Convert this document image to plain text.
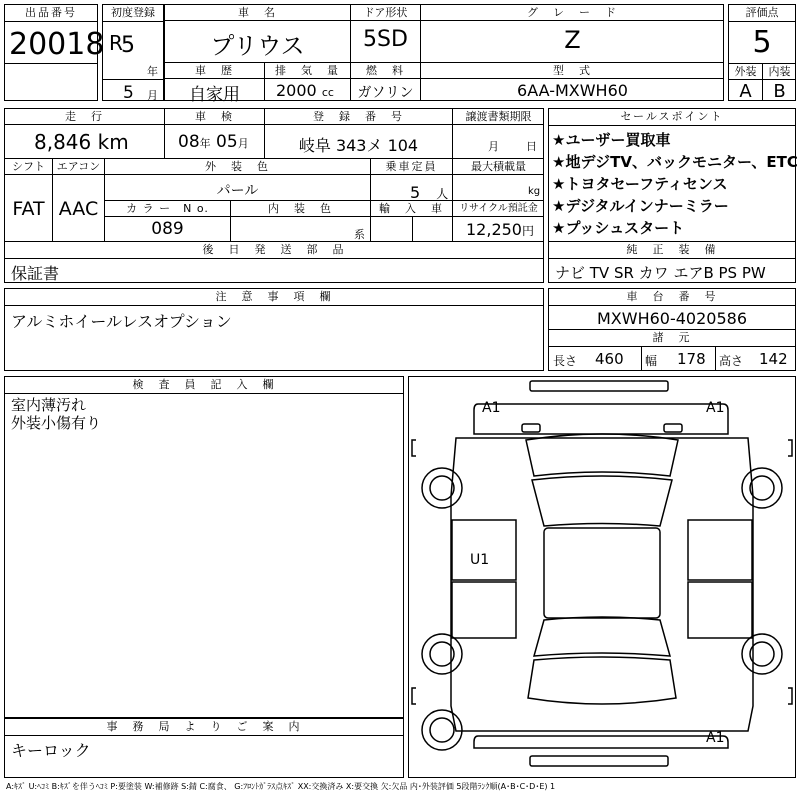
出品番号
20018
初度登録
R
5
年
5 月
車　名
プリウス
ドア形状
5SD
グ　レ　ー　ド
Z
車　歴
自家用
排　気　量
2000 cc
燃　料
ガソリン
型　式
6AA-MXWH60
評価点
5
外装	内装
A	B
走　行
8,846 km
車　検
08年 05月
登　録　番　号
岐阜 343メ 104
譲渡書類期限
月 日
シフト
FAT
エアコン
AAC
外　装　色
パール
乗車定員
5　 人
最大積載量
kg
カ ラ ー　N o.
089
内　装　色
系
輸　入　車	リサイクル預託金
12,250円
セールスポイント
★ユーザー買取車
★地デジTV、バックモニター、ETC
★トヨタセーフティセンス
★デジタルインナーミラー
★プッシュスタート
後　日　発　送　部　品
保証書
純　正　装　備
ナビ TV SR カワ エアB PS PW
注　意　事　項　欄
アルミホイールレスオプション
車　台　番　号
MXWH60-4020586
諸　元
長さ 460 幅 178 高さ 142
検　査　員　記　入　欄
室内薄汚れ
外装小傷有り
事　務　局　よ　り　ご　案　内
キーロック
A1	A1
U1
A1
A:ｷｽﾞ U:ﾍｺﾐ B:ｷｽﾞを伴うﾍｺﾐ P:要塗装 W:補修跡 S:錆 C:腐食、 G:ﾌﾛﾝﾄｶﾞﾗｽ点ｷｽﾞ XX:交換済み X:要交換 欠:欠品 内･外装評価 5段階ﾗﾝｸ順(A･B･C･D･E) 1
